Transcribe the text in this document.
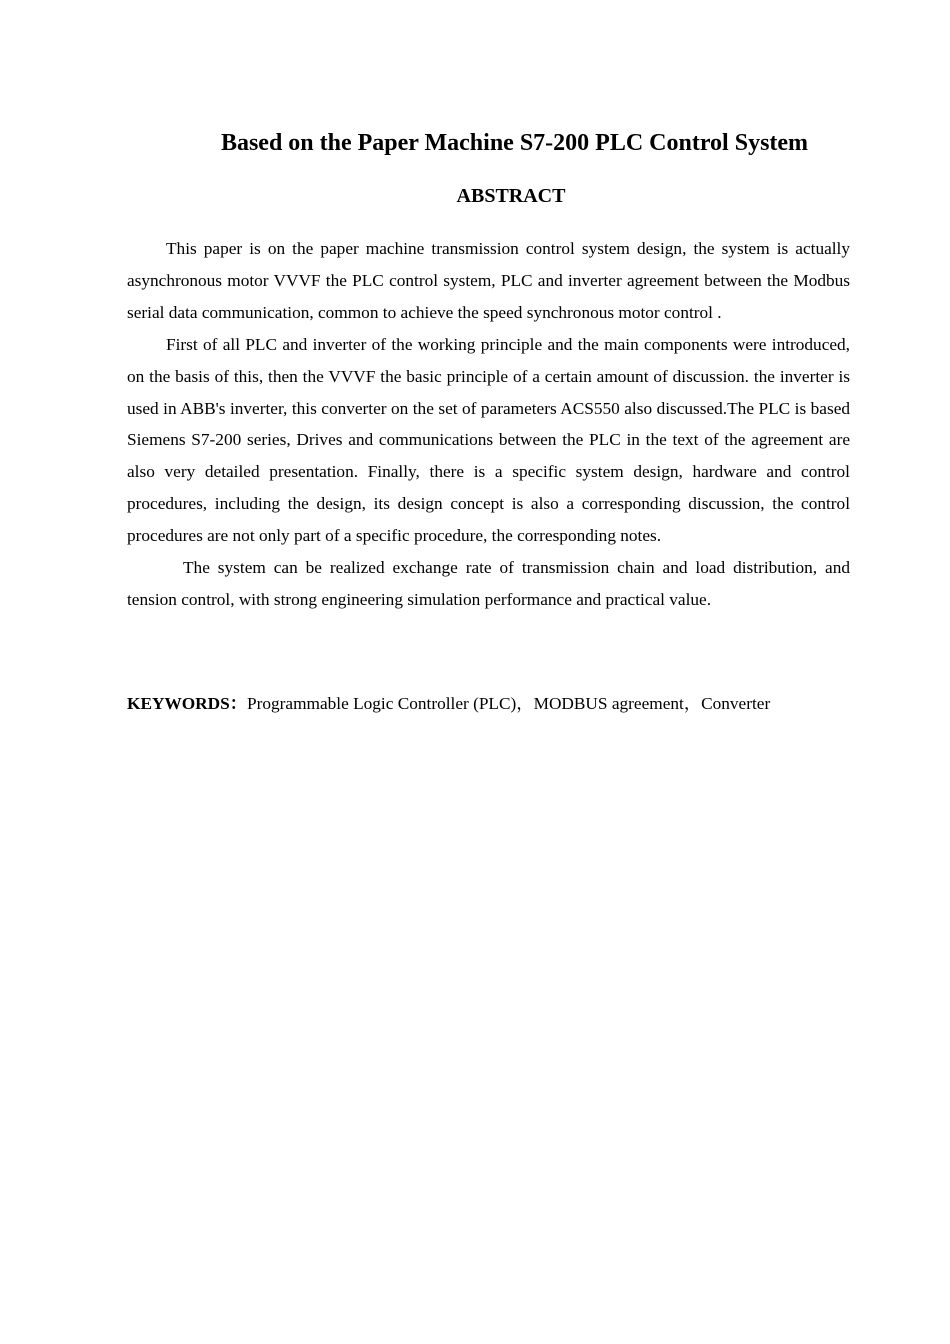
Based on the Paper Machine S7-200 PLC Control System
ABSTRACT

This paper is on the paper machine transmission control system design, the system is actually asynchronous motor VVVF the PLC control system, PLC and inverter agreement between the Modbus serial data communication, common to achieve the speed synchronous motor control .

First of all PLC and inverter of the working principle and the main components were introduced, on the basis of this, then the VVVF the basic principle of a certain amount of discussion. the inverter is used in ABB's inverter, this converter on the set of parameters ACS550 also discussed.The PLC is based Siemens S7-200 series, Drives and communications between the PLC in the text of the agreement are also very detailed presentation. Finally, there is a specific system design, hardware and control procedures, including the design, its design concept is also a corresponding discussion, the control procedures are not only part of a specific procedure, the corresponding notes.

The system can be realized exchange rate of transmission chain and load distribution, and tension control, with strong engineering simulation performance and practical value.

KEYWORDS：Programmable Logic Controller (PLC)，MODBUS agreement，Converter
